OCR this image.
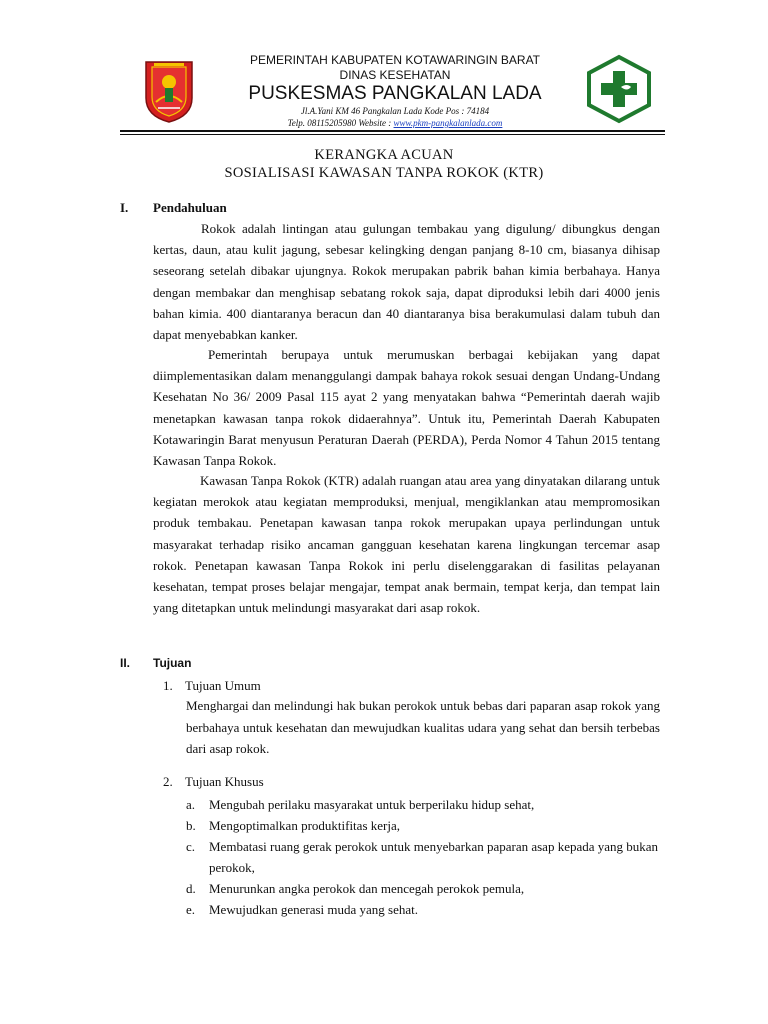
PEMERINTAH KABUPATEN KOTAWARINGIN BARAT
DINAS KESEHATAN
PUSKESMAS PANGKALAN LADA
Jl.A.Yani KM 46 Pangkalan Lada Kode Pos : 74184
Telp. 08115205980 Website : www.pkm-pangkalanlada.com
KERANGKA ACUAN
SOSIALISASI KAWASAN TANPA ROKOK (KTR)
I. Pendahuluan
Rokok adalah lintingan atau gulungan tembakau yang digulung/ dibungkus dengan kertas, daun, atau kulit jagung, sebesar kelingking dengan panjang 8-10 cm, biasanya dihisap seseorang setelah dibakar ujungnya. Rokok merupakan pabrik bahan kimia berbahaya. Hanya dengan membakar dan menghisap sebatang rokok saja, dapat diproduksi lebih dari 4000 jenis bahan kimia. 400 diantaranya beracun dan 40 diantaranya bisa berakumulasi dalam tubuh dan dapat menyebabkan kanker.
Pemerintah berupaya untuk merumuskan berbagai kebijakan yang dapat diimplementasikan dalam menanggulangi dampak bahaya rokok sesuai dengan Undang-Undang Kesehatan No 36/ 2009 Pasal 115 ayat 2 yang menyatakan bahwa “Pemerintah daerah wajib menetapkan kawasan tanpa rokok didaerahnya”. Untuk itu, Pemerintah Daerah Kabupaten Kotawaringin Barat menyusun Peraturan Daerah (PERDA), Perda Nomor 4 Tahun 2015 tentang Kawasan Tanpa Rokok.
Kawasan Tanpa Rokok (KTR) adalah ruangan atau area yang dinyatakan dilarang untuk kegiatan merokok atau kegiatan memproduksi, menjual, mengiklankan atau mempromosikan produk tembakau. Penetapan kawasan tanpa rokok merupakan upaya perlindungan untuk masyarakat terhadap risiko ancaman gangguan kesehatan karena lingkungan tercemar asap rokok. Penetapan kawasan Tanpa Rokok ini perlu diselenggarakan di fasilitas pelayanan kesehatan, tempat proses belajar mengajar, tempat anak bermain, tempat kerja, dan tempat lain yang ditetapkan untuk melindungi masyarakat dari asap rokok.
II. Tujuan
1. Tujuan Umum
Menghargai dan melindungi hak bukan perokok untuk bebas dari paparan asap rokok yang berbahaya untuk kesehatan dan mewujudkan kualitas udara yang sehat dan bersih terbebas dari asap rokok.
2. Tujuan Khusus
a.	Mengubah perilaku masyarakat untuk berperilaku hidup sehat,
b.	Mengoptimalkan produktifitas kerja,
c.	Membatasi ruang gerak perokok untuk menyebarkan paparan asap kepada yang bukan perokok,
d.	Menurunkan angka perokok dan mencegah perokok pemula,
e.	Mewujudkan generasi muda yang sehat.
